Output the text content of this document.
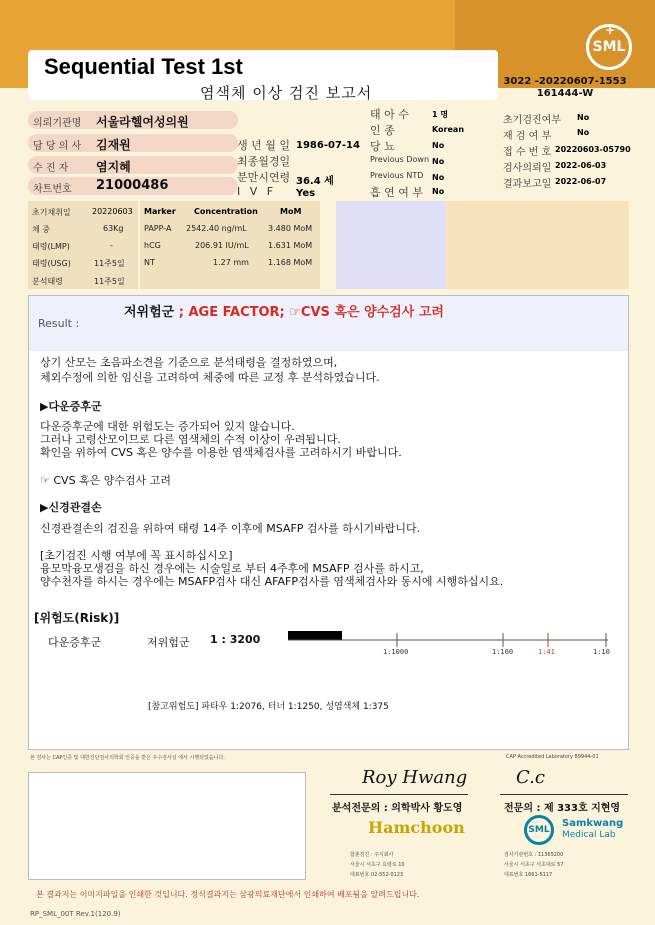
+
SML
Sequential Test 1st
염색체 이상 검진 보고서
3022 -20220607-1553
161444-W
의뢰기관명 서울라헬여성의원
담 당 의 사 김재원
수 진 자 염지혜
차트번호 21000486
생 년 월 일 1986-07-14
최종월경일
분만시연령 36.4 세
I V F Yes
태 아 수	1 명
인 종	Korean
당 뇨	No
Previous Down No
Previous NTD No
흡 연 여 부 No
초기검진여부 No
재 검 여 부	No
접 수 번 호 20220603-05790
검사의뢰일 2022-06-03
결과보고일 2022-06-07
초기채취일	20220603
체 중	63Kg
태령(LMP)	-
태령(USG)	11주5일
분석태령	11주5일
Marker Concentration	MoM
PAPP-A 2542.40 ng/mL	3.480 MoM
hCG	206.91 IU/mL 1.631 MoM
NT	1.27 mm 1.168 MoM
Result :
저위험군 ; AGE FACTOR; ☞CVS 혹은 양수검사 고려
상기 산모는 초음파소견을 기준으로 분석태령을 결정하였으며,
체외수정에 의한 임신을 고려하여 체중에 따른 교정 후 분석하였습니다.
▶다운증후군
다운증후군에 대한 위험도는 증가되어 있지 않습니다.
그러나 고령산모이므로 다른 염색체의 수적 이상이 우려됩니다.
확인을 위하여 CVS 혹은 양수를 이용한 염색체검사를 고려하시기 바랍니다.
☞ CVS 혹은 양수검사 고려
▶신경관결손
신경관결손의 검진을 위하여 태령 14주 이후에 MSAFP 검사를 하시기바랍니다.
[초기검진 시행 여부에 꼭 표시하십시오]
융모막융모생검을 하신 경우에는 시술일로 부터 4주후에 MSAFP 검사를 하시고,
양수천자를 하시는 경우에는 MSAFP검사 대신 AFAFP검사를 염색체검사와 동시에 시행하십시요.
[위험도(Risk)]
다운증후군	저위험군 1 : 3200
1:1000	1:100	1:41	1:10
[참고위험도] 파타우 1:2076, 터너 1:1250, 성염색체 1:375
본 검사는 CAP인증 및 대한진단검사의학회 인증을 받은 우수검사실 에서 시행되었습니다.	CAP Accredited Laboratory 89944-01
Roy Hwang
분석전문의 : 의학박사 황도영
C.c
전문의 : 제 333호 지현영
Hamchoon	SML
Samkwang
Medical Lab
함춘검진 : 주식회사
서울시 서초구 효령로 10
대표번호 02-552-0123
검사기관번호 : 11365200
서울시 서초구 서초대로 57
대표번호 1661-5117
본 결과지는 이미지파일을 인쇄한 것입니다. 정식결과지는 삼광의료재단에서 인쇄하여 배포됨을 알려드립니다.
RP_SML_00T Rev.1(120.9)
